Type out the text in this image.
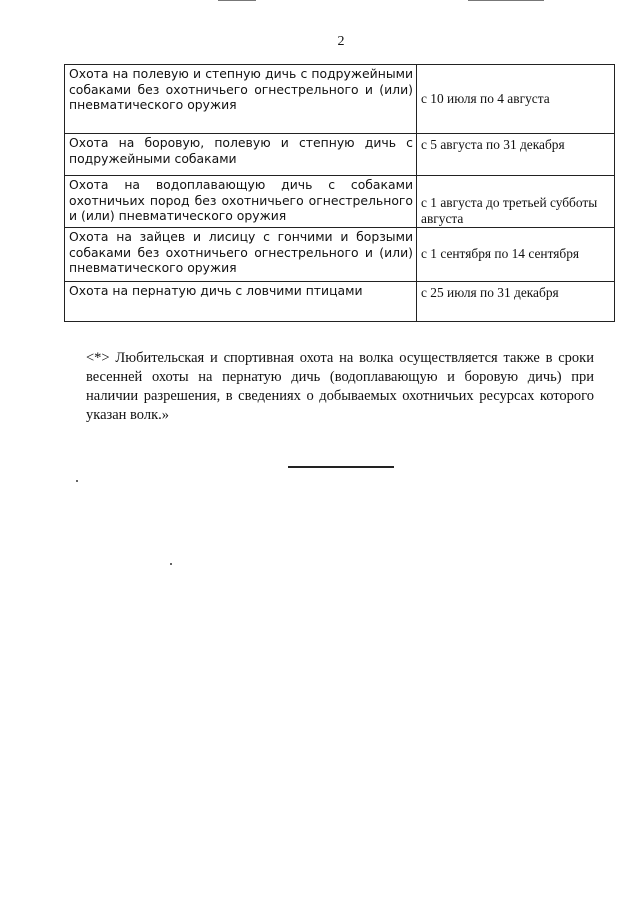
2
Охота на полевую и степную дичь с подружейными собаками без охотничьего огнестрельного и (или) пневматического оружия	с 10 июля по 4 августа
Охота на боровую, полевую и степную дичь с подружейными собаками	с 5 августа по 31 декабря
Охота на водоплавающую дичь с собаками охотничьих пород без охотничьего огнестрельного и (или) пневматического оружия	с 1 августа до третьей субботы августа
Охота на зайцев и лисицу с гончими и борзыми собаками без охотничьего огнестрельного и (или) пневматического оружия	с 1 сентября по 14 сентября
Охота на пернатую дичь с ловчими птицами	с 25 июля по 31 декабря
<*> Любительская и спортивная охота на волка осуществляется также в сроки весенней охоты на пернатую дичь (водоплавающую и боровую дичь) при наличии разрешения, в сведениях о добываемых охотничьих ресурсах которого указан волк.»
